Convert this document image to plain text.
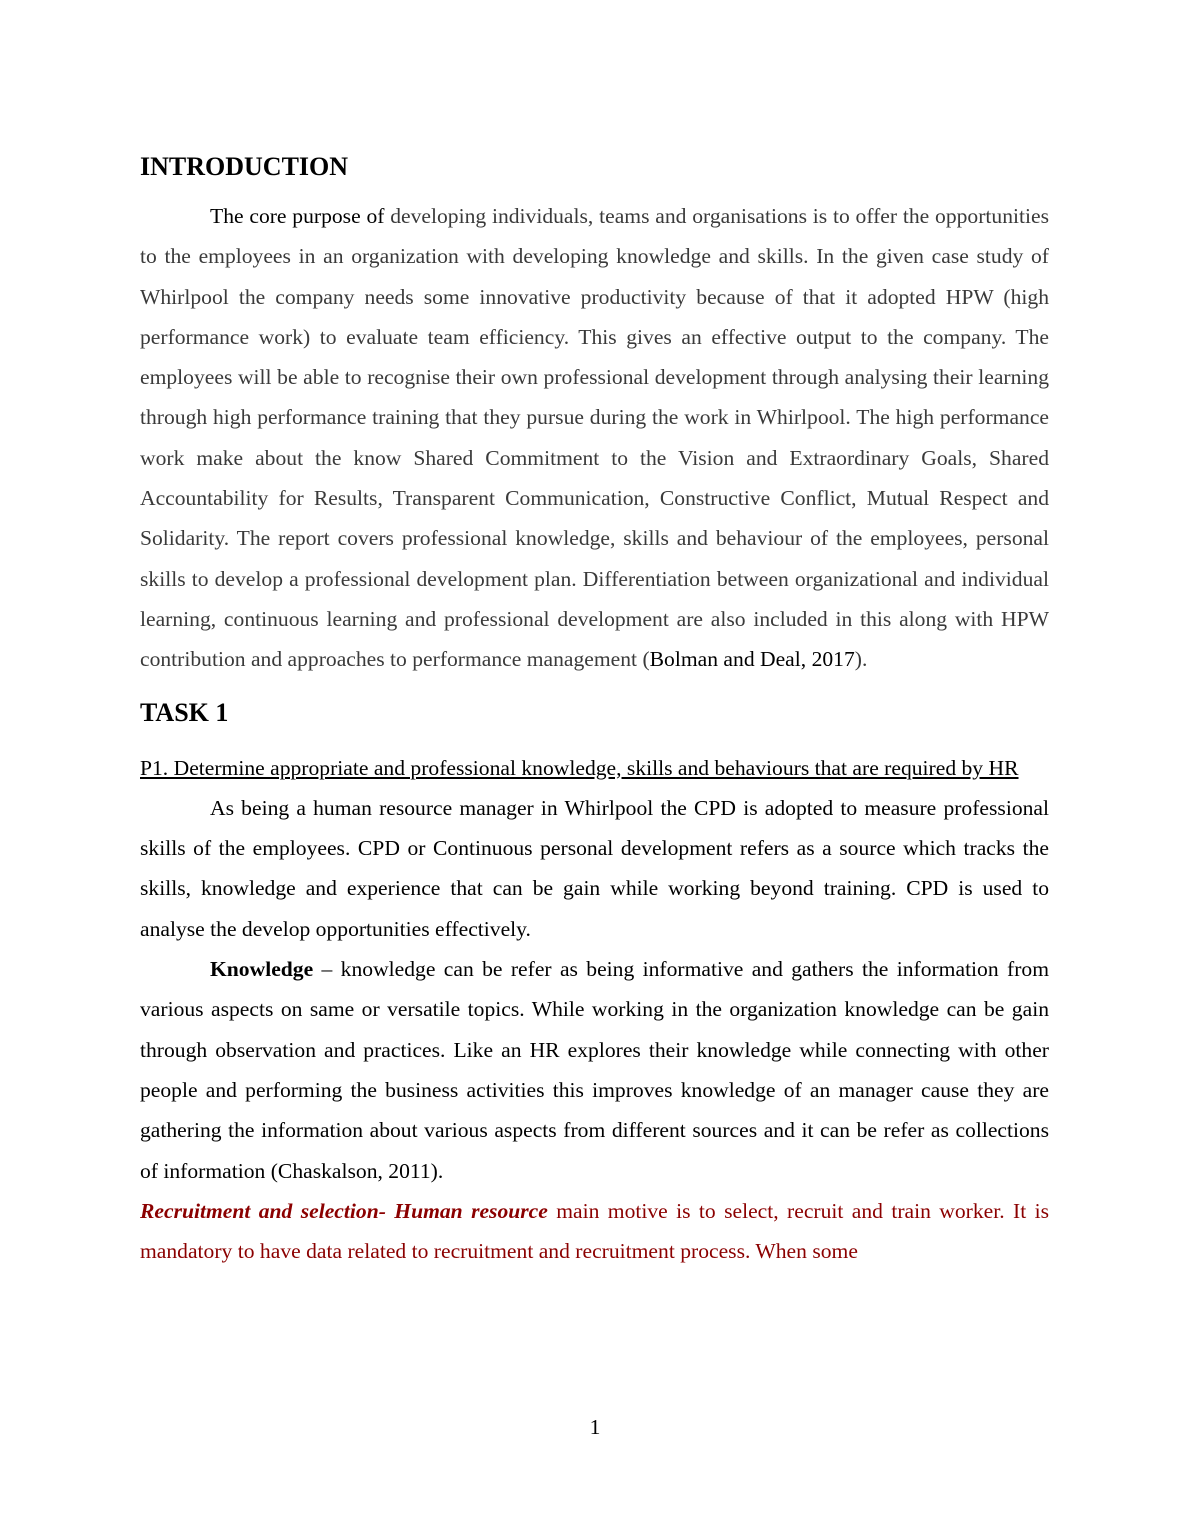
INTRODUCTION

The core purpose of developing individuals, teams and organisations is to offer the opportunities to the employees in an organization with developing knowledge and skills. In the given case study of Whirlpool the company needs some innovative productivity because of that it adopted HPW (high performance work) to evaluate team efficiency. This gives an effective output to the company. The employees will be able to recognise their own professional development through analysing their learning through high performance training that they pursue during the work in Whirlpool. The high performance work make about the know Shared Commitment to the Vision and Extraordinary Goals, Shared Accountability for Results, Transparent Communication, Constructive Conflict, Mutual Respect and Solidarity. The report covers professional knowledge, skills and behaviour of the employees, personal skills to develop a professional development plan. Differentiation between organizational and individual learning, continuous learning and professional development are also included in this along with HPW contribution and approaches to performance management (Bolman and Deal, 2017).

TASK 1

P1. Determine appropriate and professional knowledge, skills and behaviours that are required by HR

As being a human resource manager in Whirlpool the CPD is adopted to measure professional skills of the employees. CPD or Continuous personal development refers as a source which tracks the skills, knowledge and experience that can be gain while working beyond training. CPD is used to analyse the develop opportunities effectively.

Knowledge – knowledge can be refer as being informative and gathers the information from various aspects on same or versatile topics. While working in the organization knowledge can be gain through observation and practices. Like an HR explores their knowledge while connecting with other people and performing the business activities this improves knowledge of an manager cause they are gathering the information about various aspects from different sources and it can be refer as collections of information (Chaskalson, 2011).

Recruitment and selection- Human resource main motive is to select, recruit and train worker. It is mandatory to have data related to recruitment and recruitment process. When some

1
